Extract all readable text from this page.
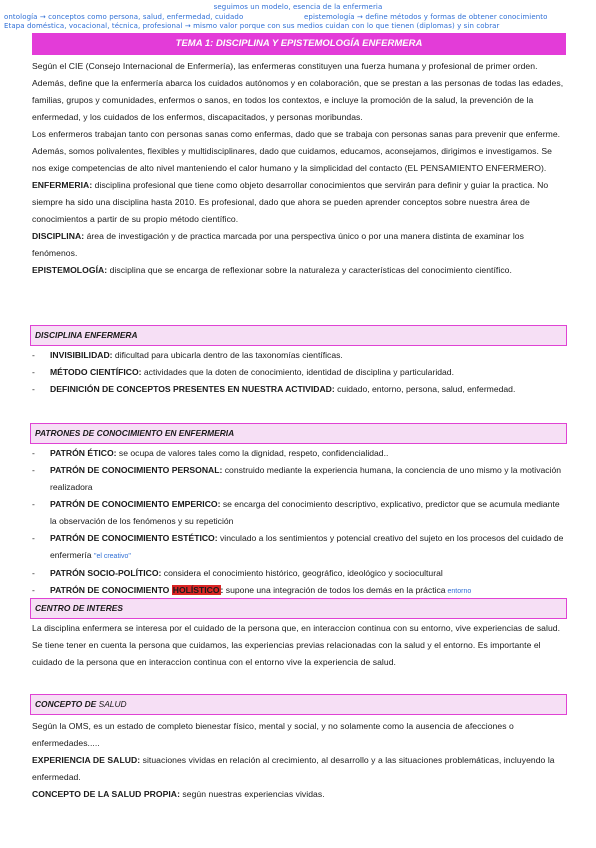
seguimos un modelo, esencia de la enfermeria
ontología → conceptos como persona, salud, enfermedad, cuidado	epistemología → define métodos y formas de obtener conocimiento
Etapa doméstica, vocacional, técnica, profesional → mismo valor porque con sus medios cuidan con lo que tienen (diplomas) y sin cobrar
TEMA 1: DISCIPLINA Y EPISTEMOLOGÍA ENFERMERA

Según el CIE (Consejo Internacional de Enfermería), las enfermeras constituyen una fuerza humana y profesional de primer orden. Además, define que la enfermería abarca los cuidados autónomos y en colaboración, que se prestan a las personas de todas las edades, familias, grupos y comunidades, enfermos o sanos, en todos los contextos, e incluye la promoción de la salud, la prevención de la enfermedad, y los cuidados de los enfermos, discapacitados, y personas moribundas.

Los enfermeros trabajan tanto con personas sanas como enfermas, dado que se trabaja con personas sanas para prevenir que enferme. Además, somos polivalentes, flexibles y multidisciplinares, dado que cuidamos, educamos, aconsejamos, dirigimos e investigamos. Se nos exige competencias de alto nivel manteniendo el calor humano y la simplicidad del contacto (EL PENSAMIENTO ENFERMERO).

ENFERMERIA: disciplina profesional que tiene como objeto desarrollar conocimientos que servirán para definir y guiar la practica. No siempre ha sido una disciplina hasta 2010. Es profesional, dado que ahora se pueden aprender conceptos sobre nuestra área de conocimientos a partir de su propio método científico.

DISCIPLINA: área de investigación y de practica marcada por una perspectiva único o por una manera distinta de examinar los fenómenos.

EPISTEMOLOGÍA: disciplina que se encarga de reflexionar sobre la naturaleza y características del conocimiento científico.

DISCIPLINA ENFERMERA
- INVISIBILIDAD: dificultad para ubicarla dentro de las taxonomías científicas.
- MÉTODO CIENTÍFICO: actividades que la doten de conocimiento, identidad de disciplina y particularidad.
- DEFINICIÓN DE CONCEPTOS PRESENTES EN NUESTRA ACTIVIDAD: cuidado, entorno, persona, salud, enfermedad.
PATRONES DE CONOCIMIENTO EN ENFERMERIA
- PATRÓN ÉTICO: se ocupa de valores tales como la dignidad, respeto, confidencialidad..
- PATRÓN DE CONOCIMIENTO PERSONAL: construido mediante la experiencia humana, la conciencia de uno mismo y la motivación realizadora
- PATRÓN DE CONOCIMIENTO EMPERICO: se encarga del conocimiento descriptivo, explicativo, predictor que se acumula mediante la observación de los fenómenos y su repetición
- PATRÓN DE CONOCIMIENTO ESTÉTICO: vinculado a los sentimientos y potencial creativo del sujeto en los procesos del cuidado de enfermería "el creativo"
- PATRÓN SOCIO-POLÍTICO: considera el conocimiento histórico, geográfico, ideológico y sociocultural
- PATRÓN DE CONOCIMIENTO HOLÍSTICO: supone una integración de todos los demás en la práctica entorno
CENTRO DE INTERES

La disciplina enfermera se interesa por el cuidado de la persona que, en interaccion continua con su entorno, vive experiencias de salud. Se tiene tener en cuenta la persona que cuidamos, las experiencias previas relacionadas con la salud y el entorno. Es importante el cuidado de la persona que en interaccion continua con el entorno vive la experiencia de salud.

CONCEPTO DE SALUD

Según la OMS, es un estado de completo bienestar físico, mental y social, y no solamente como la ausencia de afecciones o enfermedades.....

EXPERIENCIA DE SALUD: situaciones vividas en relación al crecimiento, al desarrollo y a las situaciones problemáticas, incluyendo la enfermedad.

CONCEPTO DE LA SALUD PROPIA: según nuestras experiencias vividas.
